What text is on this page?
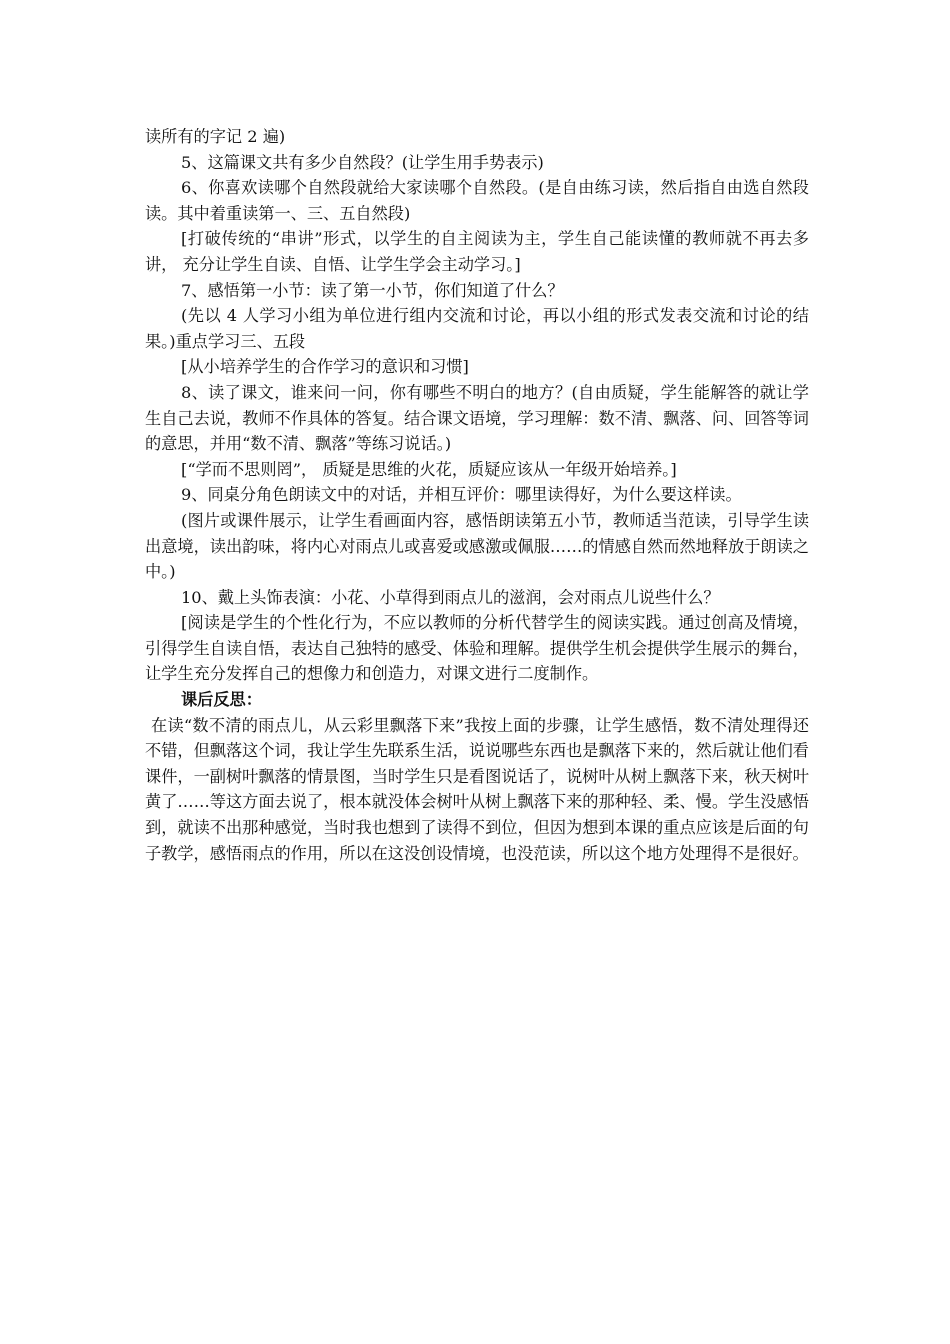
读所有的字记 2 遍)

5、这篇课文共有多少自然段？(让学生用手势表示)

6、你喜欢读哪个自然段就给大家读哪个自然段。(是自由练习读，然后指自由选自然段读。其中着重读第一、三、五自然段)

[打破传统的“串讲”形式，以学生的自主阅读为主，学生自己能读懂的教师就不再去多讲， 充分让学生自读、自悟、让学生学会主动学习。]

7、感悟第一小节：读了第一小节，你们知道了什么？

(先以 4 人学习小组为单位进行组内交流和讨论，再以小组的形式发表交流和讨论的结果。)重点学习三、五段

[从小培养学生的合作学习的意识和习惯]

8、读了课文，谁来问一问，你有哪些不明白的地方？(自由质疑，学生能解答的就让学生自己去说，教师不作具体的答复。结合课文语境，学习理解：数不清、飘落、问、回答等词的意思，并用“数不清、飘落”等练习说话。)

[“学而不思则罔”， 质疑是思维的火花，质疑应该从一年级开始培养。]

9、同桌分角色朗读文中的对话，并相互评价：哪里读得好，为什么要这样读。

(图片或课件展示，让学生看画面内容，感悟朗读第五小节，教师适当范读，引导学生读出意境，读出韵味，将内心对雨点儿或喜爱或感激或佩服……的情感自然而然地释放于朗读之中。)

10、戴上头饰表演：小花、小草得到雨点儿的滋润，会对雨点儿说些什么？

[阅读是学生的个性化行为，不应以教师的分析代替学生的阅读实践。通过创高及情境，引得学生自读自悟，表达自己独特的感受、体验和理解。提供学生机会提供学生展示的舞台，让学生充分发挥自己的想像力和创造力，对课文进行二度制作。

课后反思：

在读“数不清的雨点儿，从云彩里飘落下来”我按上面的步骤，让学生感悟，数不清处理得还不错，但飘落这个词，我让学生先联系生活，说说哪些东西也是飘落下来的，然后就让他们看课件，一副树叶飘落的情景图，当时学生只是看图说话了，说树叶从树上飘落下来，秋天树叶黄了……等这方面去说了，根本就没体会树叶从树上飘落下来的那种轻、柔、慢。学生没感悟到，就读不出那种感觉，当时我也想到了读得不到位，但因为想到本课的重点应该是后面的句子教学，感悟雨点的作用，所以在这没创设情境，也没范读，所以这个地方处理得不是很好。
